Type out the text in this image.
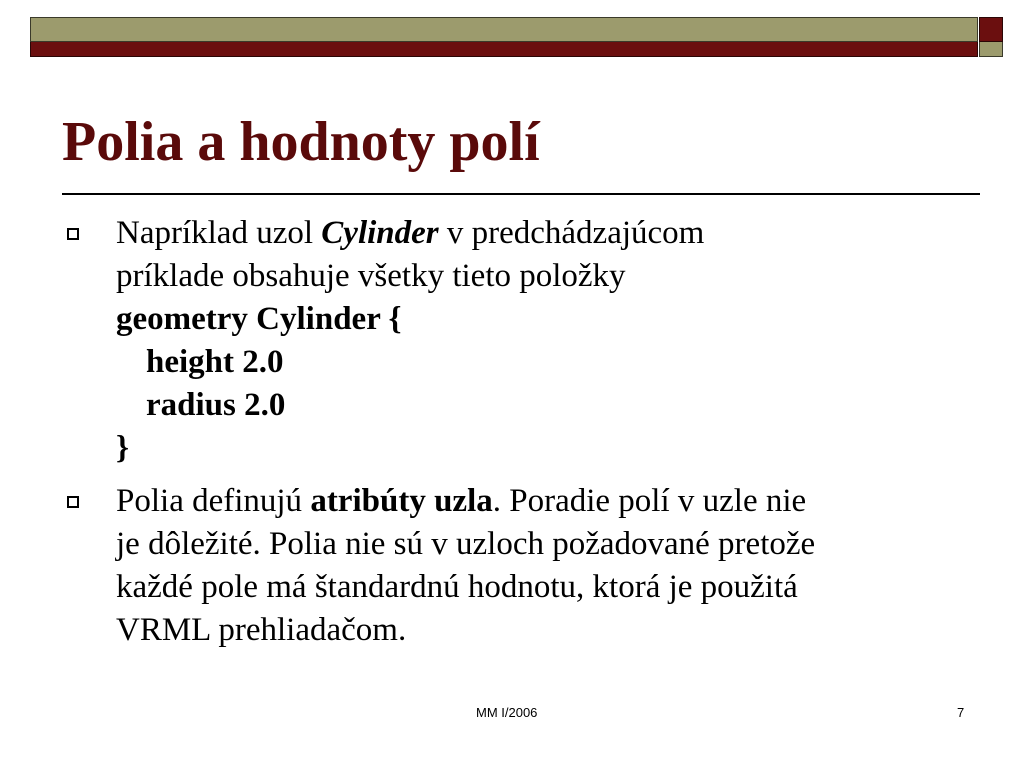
Polia a hodnoty polí
Napríklad uzol Cylinder v predchádzajúcom
príklade obsahuje všetky tieto položky
geometry Cylinder {
height 2.0
radius 2.0
}
Polia definujú atribúty uzla. Poradie polí v uzle nie
je dôležité. Polia nie sú v uzloch požadované pretože
každé pole má štandardnú hodnotu, ktorá je použitá
VRML prehliadačom.
MM I/2006	7
